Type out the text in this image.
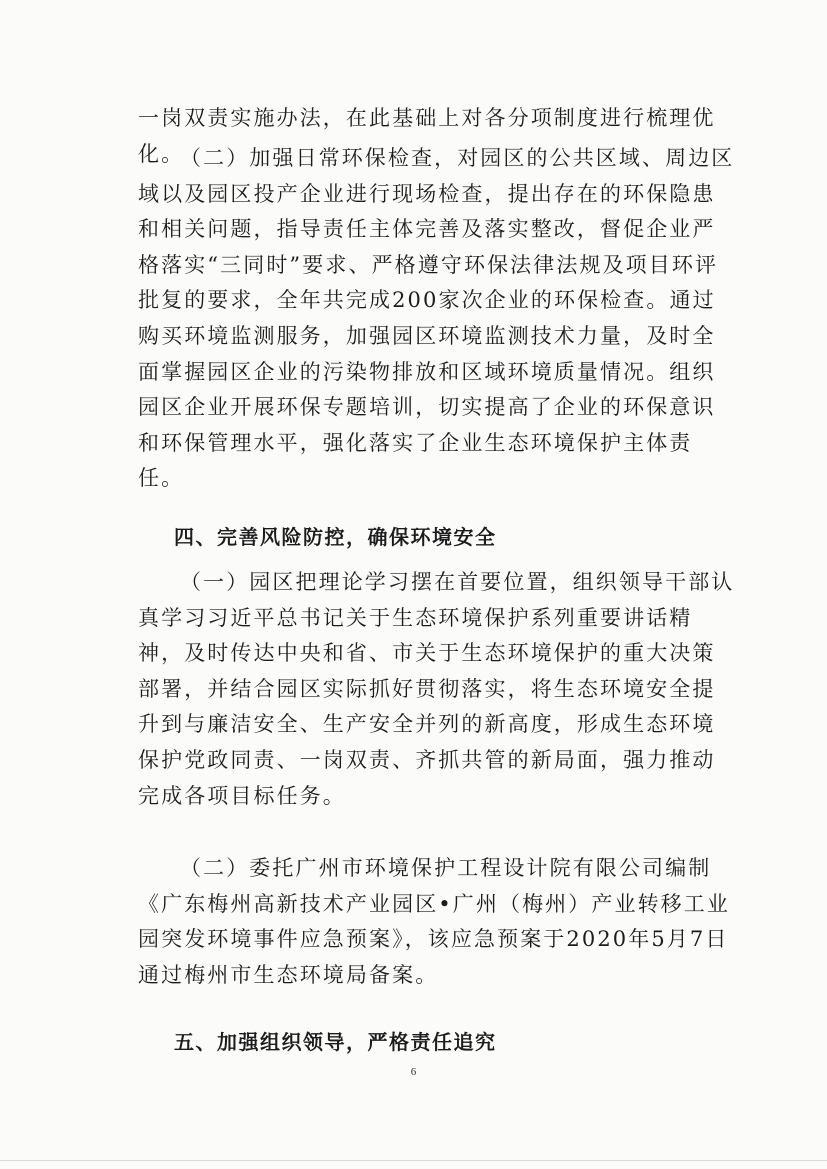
一岗双责实施办法，在此基础上对各分项制度进行梳理优化。

（二）加强日常环保检查，对园区的公共区域、周边区域以及园区投产企业进行现场检查，提出存在的环保隐患和相关问题，指导责任主体完善及落实整改，督促企业严格落实“三同时”要求、严格遵守环保法律法规及项目环评批复的要求，全年共完成200家次企业的环保检查。通过购买环境监测服务，加强园区环境监测技术力量，及时全面掌握园区企业的污染物排放和区域环境质量情况。组织园区企业开展环保专题培训，切实提高了企业的环保意识和环保管理水平，强化落实了企业生态环境保护主体责任。

四、完善风险防控，确保环境安全

（一）园区把理论学习摆在首要位置，组织领导干部认真学习习近平总书记关于生态环境保护系列重要讲话精神，及时传达中央和省、市关于生态环境保护的重大决策部署，并结合园区实际抓好贯彻落实，将生态环境安全提升到与廉洁安全、生产安全并列的新高度，形成生态环境保护党政同责、一岗双责、齐抓共管的新局面，强力推动完成各项目标任务。

（二）委托广州市环境保护工程设计院有限公司编制《广东梅州高新技术产业园区•广州（梅州）产业转移工业园突发环境事件应急预案》，该应急预案于2020年5月7日通过梅州市生态环境局备案。

五、加强组织领导，严格责任追究

6
